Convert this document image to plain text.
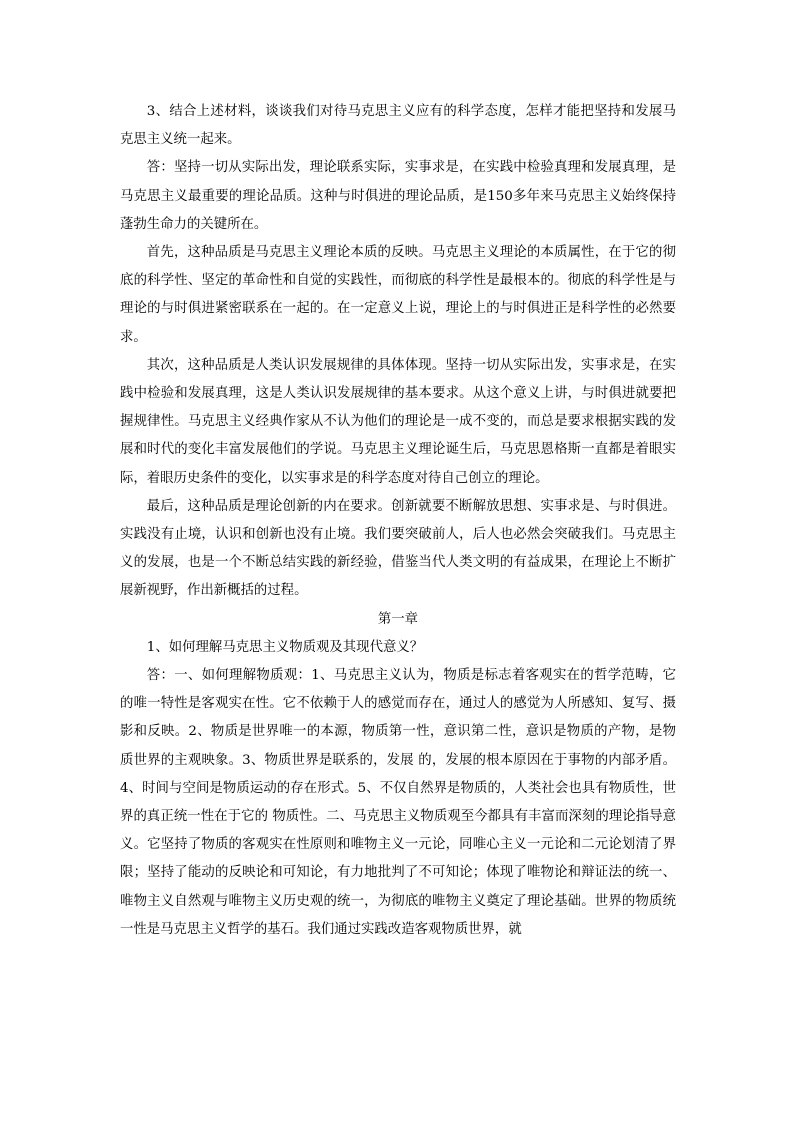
3、结合上述材料，谈谈我们对待马克思主义应有的科学态度，怎样才能把坚持和发展马克思主义统一起来。

答：坚持一切从实际出发，理论联系实际，实事求是，在实践中检验真理和发展真理，是马克思主义最重要的理论品质。这种与时俱进的理论品质，是150多年来马克思主义始终保持蓬勃生命力的关键所在。

首先，这种品质是马克思主义理论本质的反映。马克思主义理论的本质属性，在于它的彻底的科学性、坚定的革命性和自觉的实践性，而彻底的科学性是最根本的。彻底的科学性是与理论的与时俱进紧密联系在一起的。在一定意义上说，理论上的与时俱进正是科学性的必然要求。

其次，这种品质是人类认识发展规律的具体体现。坚持一切从实际出发，实事求是，在实践中检验和发展真理，这是人类认识发展规律的基本要求。从这个意义上讲，与时俱进就要把握规律性。马克思主义经典作家从不认为他们的理论是一成不变的，而总是要求根据实践的发展和时代的变化丰富发展他们的学说。马克思主义理论诞生后，马克思恩格斯一直都是着眼实际，着眼历史条件的变化，以实事求是的科学态度对待自己创立的理论。

最后，这种品质是理论创新的内在要求。创新就要不断解放思想、实事求是、与时俱进。实践没有止境，认识和创新也没有止境。我们要突破前人，后人也必然会突破我们。马克思主义的发展，也是一个不断总结实践的新经验，借鉴当代人类文明的有益成果，在理论上不断扩展新视野，作出新概括的过程。

第一章

1、如何理解马克思主义物质观及其现代意义？

答：一、如何理解物质观：1、马克思主义认为，物质是标志着客观实在的哲学范畴，它的唯一特性是客观实在性。它不依赖于人的感觉而存在，通过人的感觉为人所感知、复写、摄影和反映。2、物质是世界唯一的本源，物质第一性，意识第二性，意识是物质的产物，是物质世界的主观映象。3、物质世界是联系的，发展 的，发展的根本原因在于事物的内部矛盾。4、时间与空间是物质运动的存在形式。5、不仅自然界是物质的，人类社会也具有物质性，世界的真正统一性在于它的 物质性。二、马克思主义物质观至今都具有丰富而深刻的理论指导意义。它坚持了物质的客观实在性原则和唯物主义一元论，同唯心主义一元论和二元论划清了界限；坚持了能动的反映论和可知论，有力地批判了不可知论；体现了唯物论和辩证法的统一、唯物主义自然观与唯物主义历史观的统一，为彻底的唯物主义奠定了理论基础。世界的物质统一性是马克思主义哲学的基石。我们通过实践改造客观物质世界，就
